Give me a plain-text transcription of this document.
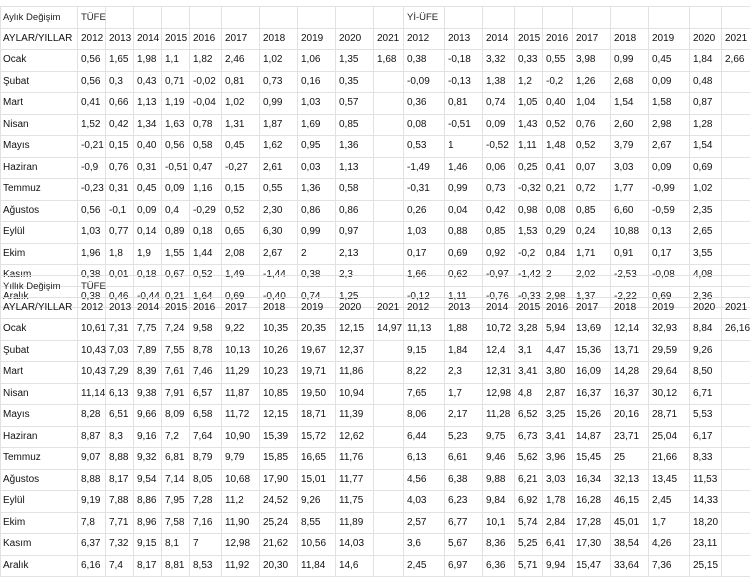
Aylık Değişim	TÜFE										Yİ-ÜFE									
AYLAR/YILLAR	2012	2013	2014	2015	2016	2017	2018	2019	2020	2021	2012	2013	2014	2015	2016	2017	2018	2019	2020	2021
Ocak	0,56	1,65	1,98	1,1	1,82	2,46	1,02	1,06	1,35	1,68	0,38	-0,18	3,32	0,33	0,55	3,98	0,99	0,45	1,84	2,66
Şubat	0,56	0,3	0,43	0,71	-0,02	0,81	0,73	0,16	0,35		-0,09	-0,13	1,38	1,2	-0,2	1,26	2,68	0,09	0,48	
Mart	0,41	0,66	1,13	1,19	-0,04	1,02	0,99	1,03	0,57		0,36	0,81	0,74	1,05	0,40	1,04	1,54	1,58	0,87	
Nisan	1,52	0,42	1,34	1,63	0,78	1,31	1,87	1,69	0,85		0,08	-0,51	0,09	1,43	0,52	0,76	2,60	2,98	1,28	
Mayıs	-0,21	0,15	0,40	0,56	0,58	0,45	1,62	0,95	1,36		0,53	1	-0,52	1,11	1,48	0,52	3,79	2,67	1,54	
Haziran	-0,9	0,76	0,31	-0,51	0,47	-0,27	2,61	0,03	1,13		-1,49	1,46	0,06	0,25	0,41	0,07	3,03	0,09	0,69	
Temmuz	-0,23	0,31	0,45	0,09	1,16	0,15	0,55	1,36	0,58		-0,31	0,99	0,73	-0,32	0,21	0,72	1,77	-0,99	1,02	
Ağustos	0,56	-0,1	0,09	0,4	-0,29	0,52	2,30	0,86	0,86		0,26	0,04	0,42	0,98	0,08	0,85	6,60	-0,59	2,35	
Eylül	1,03	0,77	0,14	0,89	0,18	0,65	6,30	0,99	0,97		1,03	0,88	0,85	1,53	0,29	0,24	10,88	0,13	2,65	
Ekim	1,96	1,8	1,9	1,55	1,44	2,08	2,67	2	2,13		0,17	0,69	0,92	-0,2	0,84	1,71	0,91	0,17	3,55	
Kasım	0,38	0,01	0,18	0,67	0,52	1,49	-1,44	0,38	2,3		1,66	0,62	-0,97	-1,42	2	2,02	-2,53	-0,08	4,08	
Aralık	0,38	0,46	-0,44	0,21	1,64	0,69	-0,40	0,74	1,25		-0,12	1,11	-0,76	-0,33	2,98	1,37	-2,22	0,69	2,36	
Yıllık Değişim	TÜFE																			
AYLAR/YILLAR	2012	2013	2014	2015	2016	2017	2018	2019	2020	2021	2012	2013	2014	2015	2016	2017	2018	2019	2020	2021
Ocak	10,61	7,31	7,75	7,24	9,58	9,22	10,35	20,35	12,15	14,97	11,13	1,88	10,72	3,28	5,94	13,69	12,14	32,93	8,84	26,16
Şubat	10,43	7,03	7,89	7,55	8,78	10,13	10,26	19,67	12,37		9,15	1,84	12,4	3,1	4,47	15,36	13,71	29,59	9,26	
Mart	10,43	7,29	8,39	7,61	7,46	11,29	10,23	19,71	11,86		8,22	2,3	12,31	3,41	3,80	16,09	14,28	29,64	8,50	
Nisan	11,14	6,13	9,38	7,91	6,57	11,87	10,85	19,50	10,94		7,65	1,7	12,98	4,8	2,87	16,37	16,37	30,12	6,71	
Mayıs	8,28	6,51	9,66	8,09	6,58	11,72	12,15	18,71	11,39		8,06	2,17	11,28	6,52	3,25	15,26	20,16	28,71	5,53	
Haziran	8,87	8,3	9,16	7,2	7,64	10,90	15,39	15,72	12,62		6,44	5,23	9,75	6,73	3,41	14,87	23,71	25,04	6,17	
Temmuz	9,07	8,88	9,32	6,81	8,79	9,79	15,85	16,65	11,76		6,13	6,61	9,46	5,62	3,96	15,45	25	21,66	8,33	
Ağustos	8,88	8,17	9,54	7,14	8,05	10,68	17,90	15,01	11,77		4,56	6,38	9,88	6,21	3,03	16,34	32,13	13,45	11,53	
Eylül	9,19	7,88	8,86	7,95	7,28	11,2	24,52	9,26	11,75		4,03	6,23	9,84	6,92	1,78	16,28	46,15	2,45	14,33	
Ekim	7,8	7,71	8,96	7,58	7,16	11,90	25,24	8,55	11,89		2,57	6,77	10,1	5,74	2,84	17,28	45,01	1,7	18,20	
Kasım	6,37	7,32	9,15	8,1	7	12,98	21,62	10,56	14,03		3,6	5,67	8,36	5,25	6,41	17,30	38,54	4,26	23,11	
Aralık	6,16	7,4	8,17	8,81	8,53	11,92	20,30	11,84	14,6		2,45	6,97	6,36	5,71	9,94	15,47	33,64	7,36	25,15	
